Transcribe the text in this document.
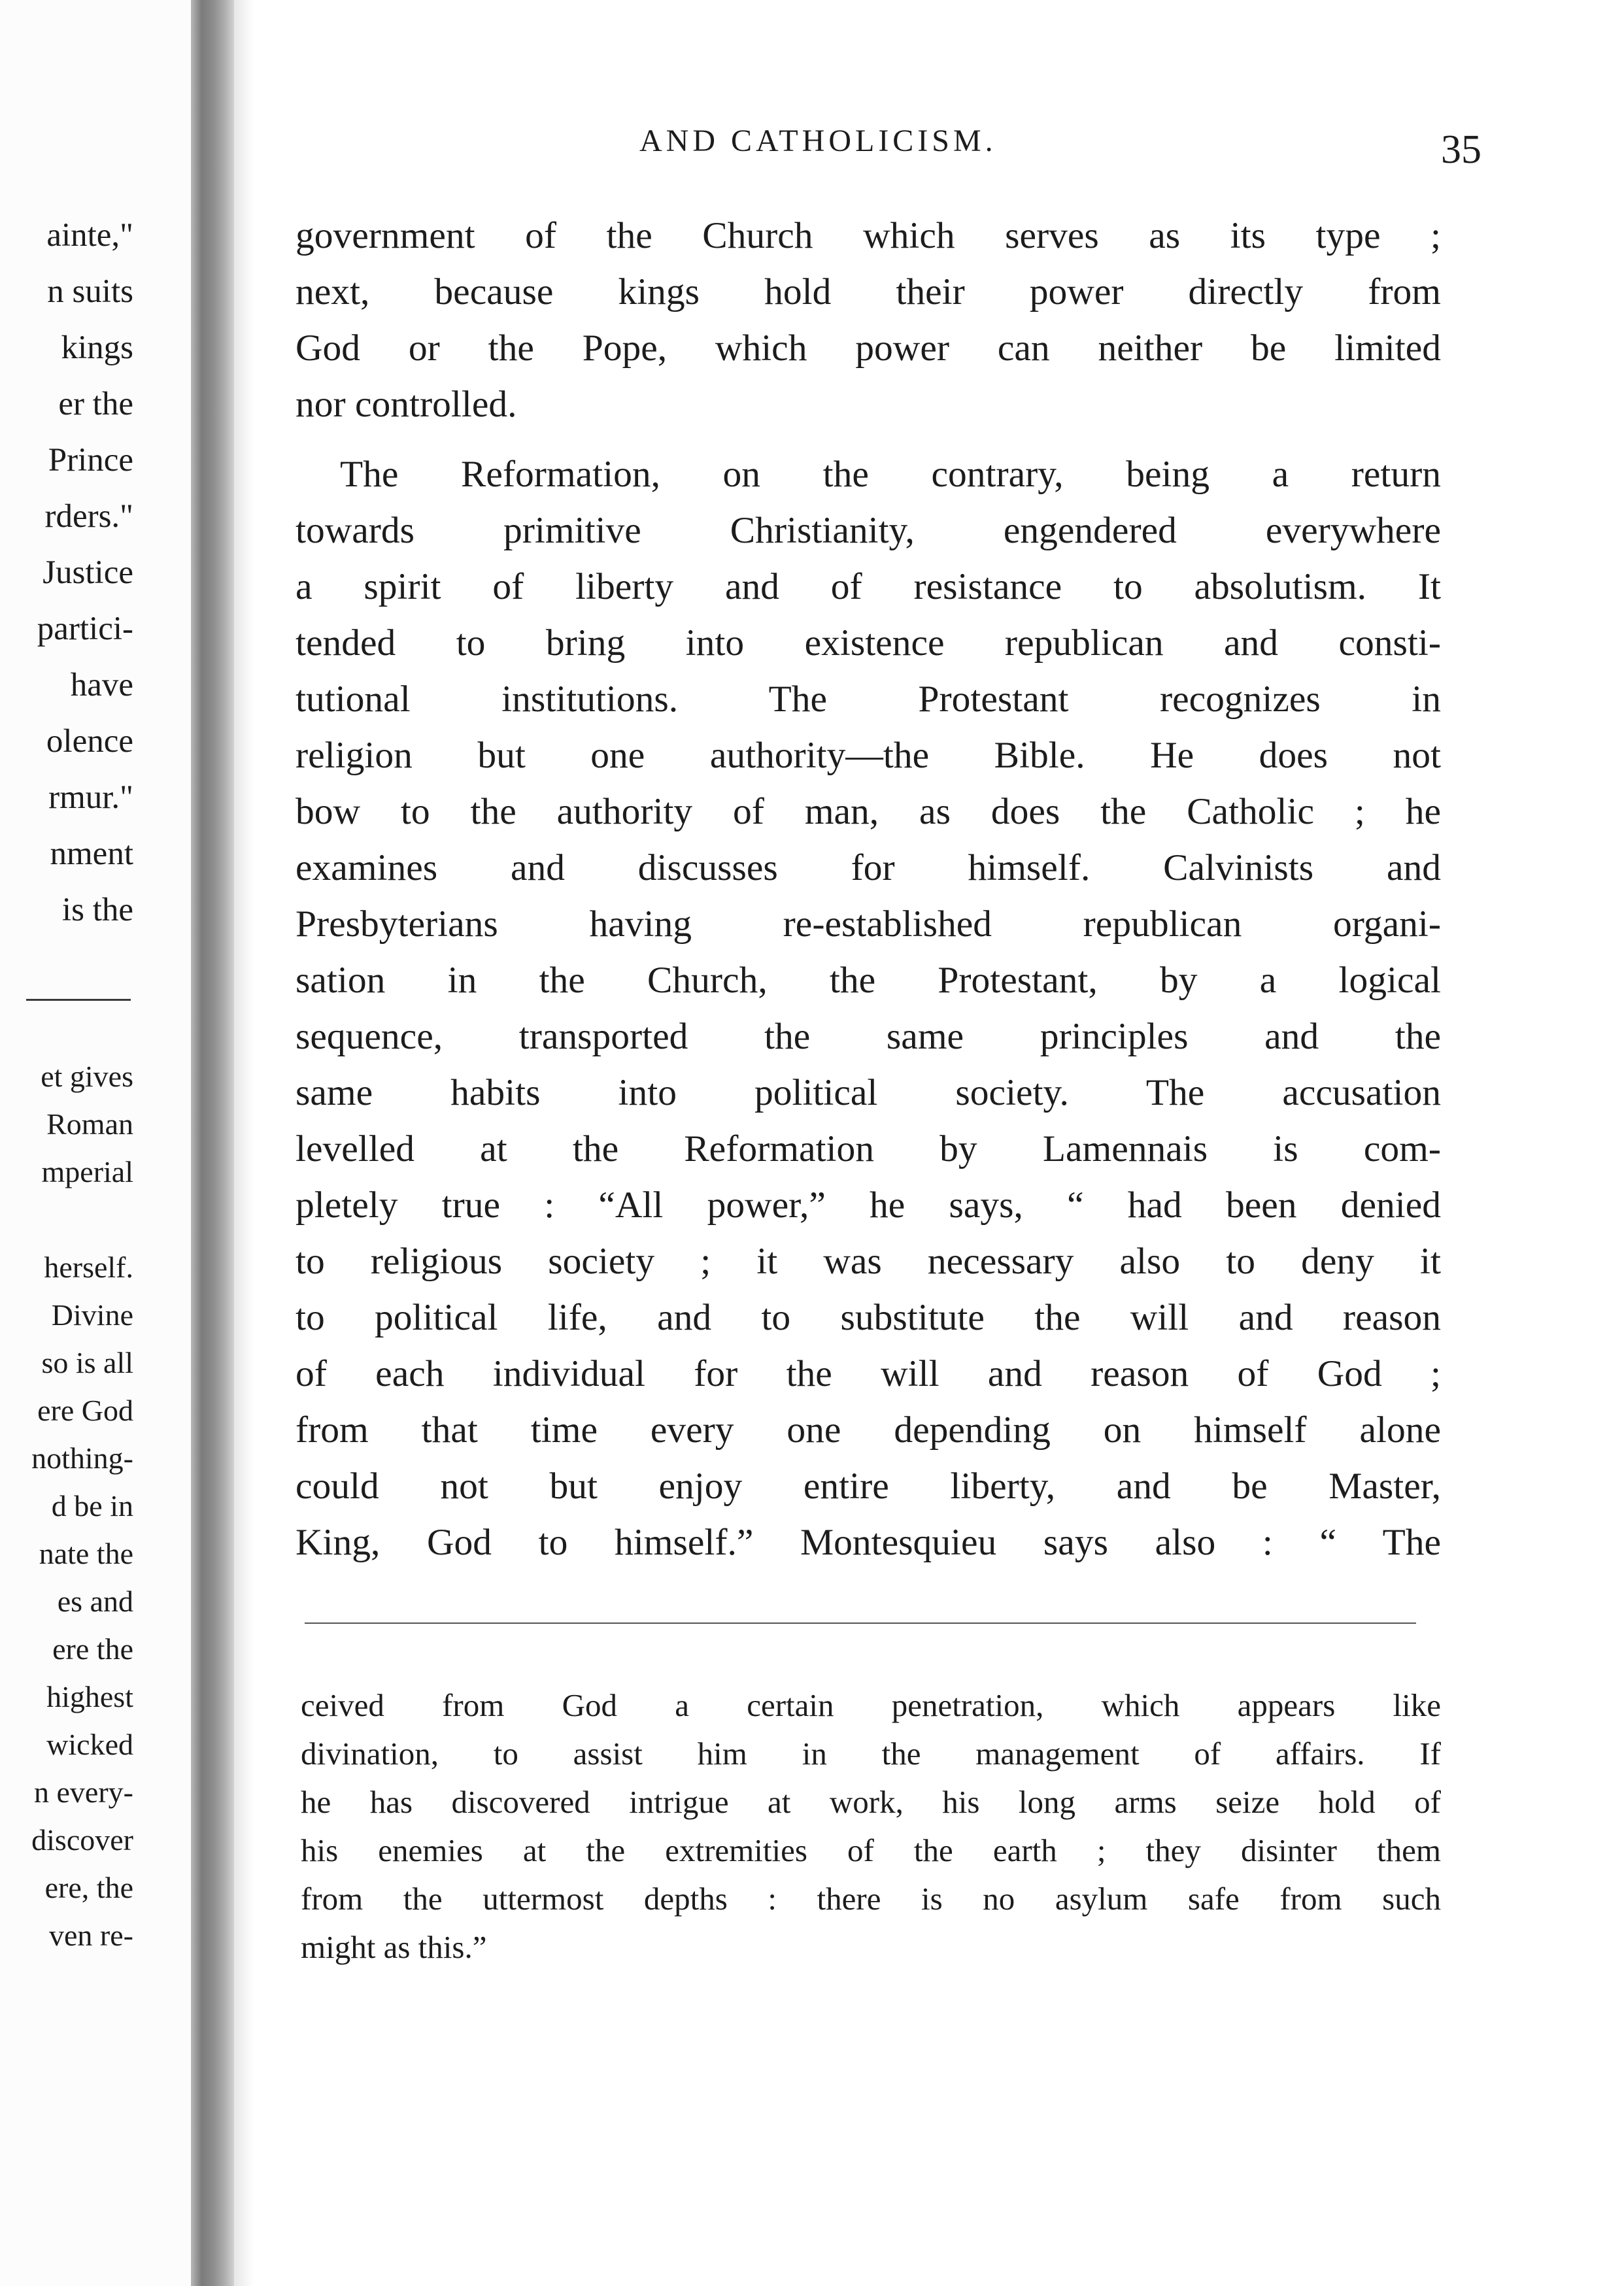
ainte,"
n suits
kings
er the
Prince
rders."
Justice
partici-
have
olence
rmur."
nment
is the
et gives
Roman
mperial
herself.
Divine
so is all
ere God
nothing-
d be in
nate the
es and
ere the
highest
wicked
n every-
discover
ere, the
ven re-
AND CATHOLICISM.	35
government of the Church which serves as its type ;
next, because kings hold their power directly from
God or the Pope, which power can neither be limited
nor controlled.
The Reformation, on the contrary, being a return
towards primitive Christianity, engendered everywhere
a spirit of liberty and of resistance to absolutism. It
tended to bring into existence republican and consti-
tutional institutions. The Protestant recognizes in
religion but one authority—the Bible. He does not
bow to the authority of man, as does the Catholic ; he
examines and discusses for himself. Calvinists and
Presbyterians having re-established republican organi-
sation in the Church, the Protestant, by a logical
sequence, transported the same principles and the
same habits into political society. The accusation
levelled at the Reformation by Lamennais is com-
pletely true : “All power,” he says, “ had been denied
to religious society ; it was necessary also to deny it
to political life, and to substitute the will and reason
of each individual for the will and reason of God ;
from that time every one depending on himself alone
could not but enjoy entire liberty, and be Master,
King, God to himself.” Montesquieu says also : “ The
ceived from God a certain penetration, which appears like
divination, to assist him in the management of affairs. If
he has discovered intrigue at work, his long arms seize hold of
his enemies at the extremities of the earth ; they disinter them
from the uttermost depths : there is no asylum safe from such
might as this.”
